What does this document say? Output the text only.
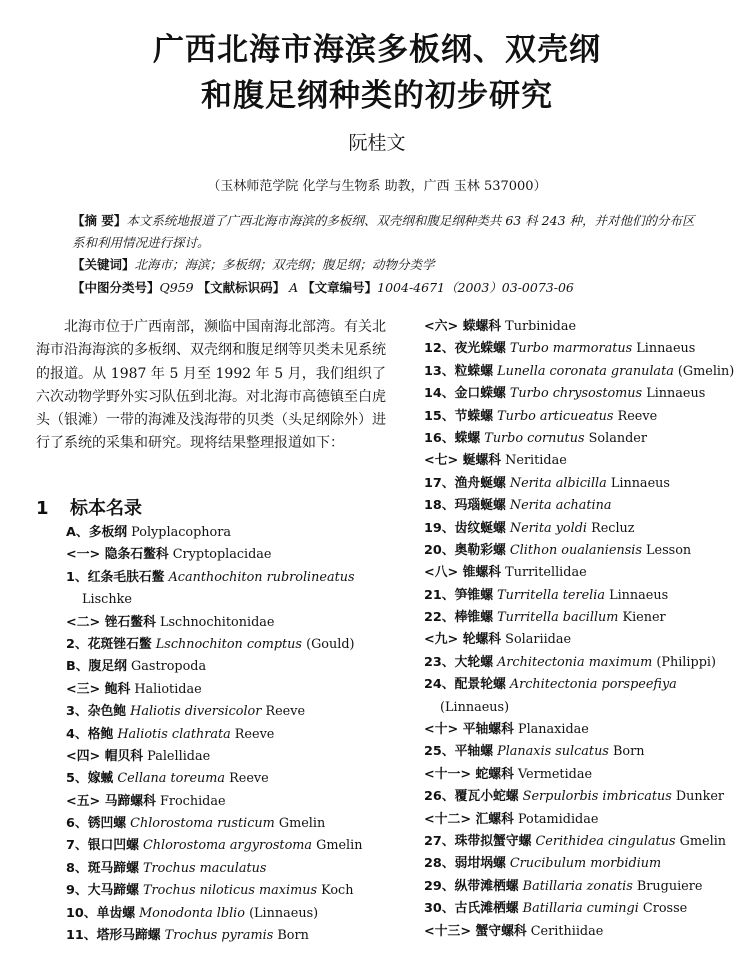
广西北海市海滨多板纲、双壳纲
和腹足纲种类的初步研究
阮桂文
（玉林师范学院 化学与生物系 助教，广西 玉林 537000）
【摘 要】本文系统地报道了广西北海市海滨的多板纲、双壳纲和腹足纲种类共 63 科 243 种，并对他们的分布区系和利用情况进行探讨。
【关键词】北海市；海滨；多板纲；双壳纲；腹足纲；动物分类学
【中图分类号】Q959 【文献标识码】 A 【文章编号】1004-4671（2003）03-0073-06

北海市位于广西南部，濒临中国南海北部湾。有关北海市沿海海滨的多板纲、双壳纲和腹足纲等贝类未见系统的报道。从 1987 年 5 月至 1992 年 5 月，我们组织了六次动物学野外实习队伍到北海。对北海市高德镇至白虎头（银滩）一带的海滩及浅海带的贝类（头足纲除外）进行了系统的采集和研究。现将结果整理报道如下：

1 标本名录
A、多板纲 Polyplacophora
<一> 隐条石鳖科 Cryptoplacidae
1、红条毛肤石鳖 Acanthochiton rubrolineatus
Lischke
<二> 锉石鳖科 Lschnochitonidae
2、花斑锉石鳖 Lschnochiton comptus (Gould)
B、腹足纲 Gastropoda
<三> 鲍科 Haliotidae
3、杂色鲍 Haliotis diversicolor Reeve
4、格鲍 Haliotis clathrata Reeve
<四> 帽贝科 Palellidae
5、嫁蝛 Cellana toreuma Reeve
<五> 马蹄螺科 Frochidae
6、锈凹螺 Chlorostoma rusticum Gmelin
7、银口凹螺 Chlorostoma argyrostoma Gmelin
8、斑马蹄螺 Trochus maculatus
9、大马蹄螺 Trochus niloticus maximus Koch
10、单齿螺 Monodonta lblio (Linnaeus)
11、塔形马蹄螺 Trochus pyramis Born
<六> 蝾螺科 Turbinidae
12、夜光蝾螺 Turbo marmoratus Linnaeus
13、粒蝾螺 Lunella coronata granulata (Gmelin)
14、金口蝾螺 Turbo chrysostomus Linnaeus
15、节蝾螺 Turbo articueatus Reeve
16、蝾螺 Turbo cornutus Solander
<七> 蜒螺科 Neritidae
17、渔舟蜒螺 Nerita albicilla Linnaeus
18、玛瑙蜒螺 Nerita achatina
19、齿纹蜒螺 Nerita yoldi Recluz
20、奥勒彩螺 Clithon oualaniensis Lesson
<八> 锥螺科 Turritellidae
21、笋锥螺 Turritella terelia Linnaeus
22、棒锥螺 Turritella bacillum Kiener
<九> 轮螺科 Solariidae
23、大轮螺 Architectonia maximum (Philippi)
24、配景轮螺 Architectonia porspeefiya
(Linnaeus)
<十> 平轴螺科 Planaxidae
25、平轴螺 Planaxis sulcatus Born
<十一> 蛇螺科 Vermetidae
26、覆瓦小蛇螺 Serpulorbis imbricatus Dunker
<十二> 汇螺科 Potamididae
27、珠带拟蟹守螺 Cerithidea cingulatus Gmelin
28、弱坩埚螺 Crucibulum morbidium
29、纵带滩栖螺 Batillaria zonatis Bruguiere
30、古氏滩栖螺 Batillaria cumingi Crosse
<十三> 蟹守螺科 Cerithiidae
